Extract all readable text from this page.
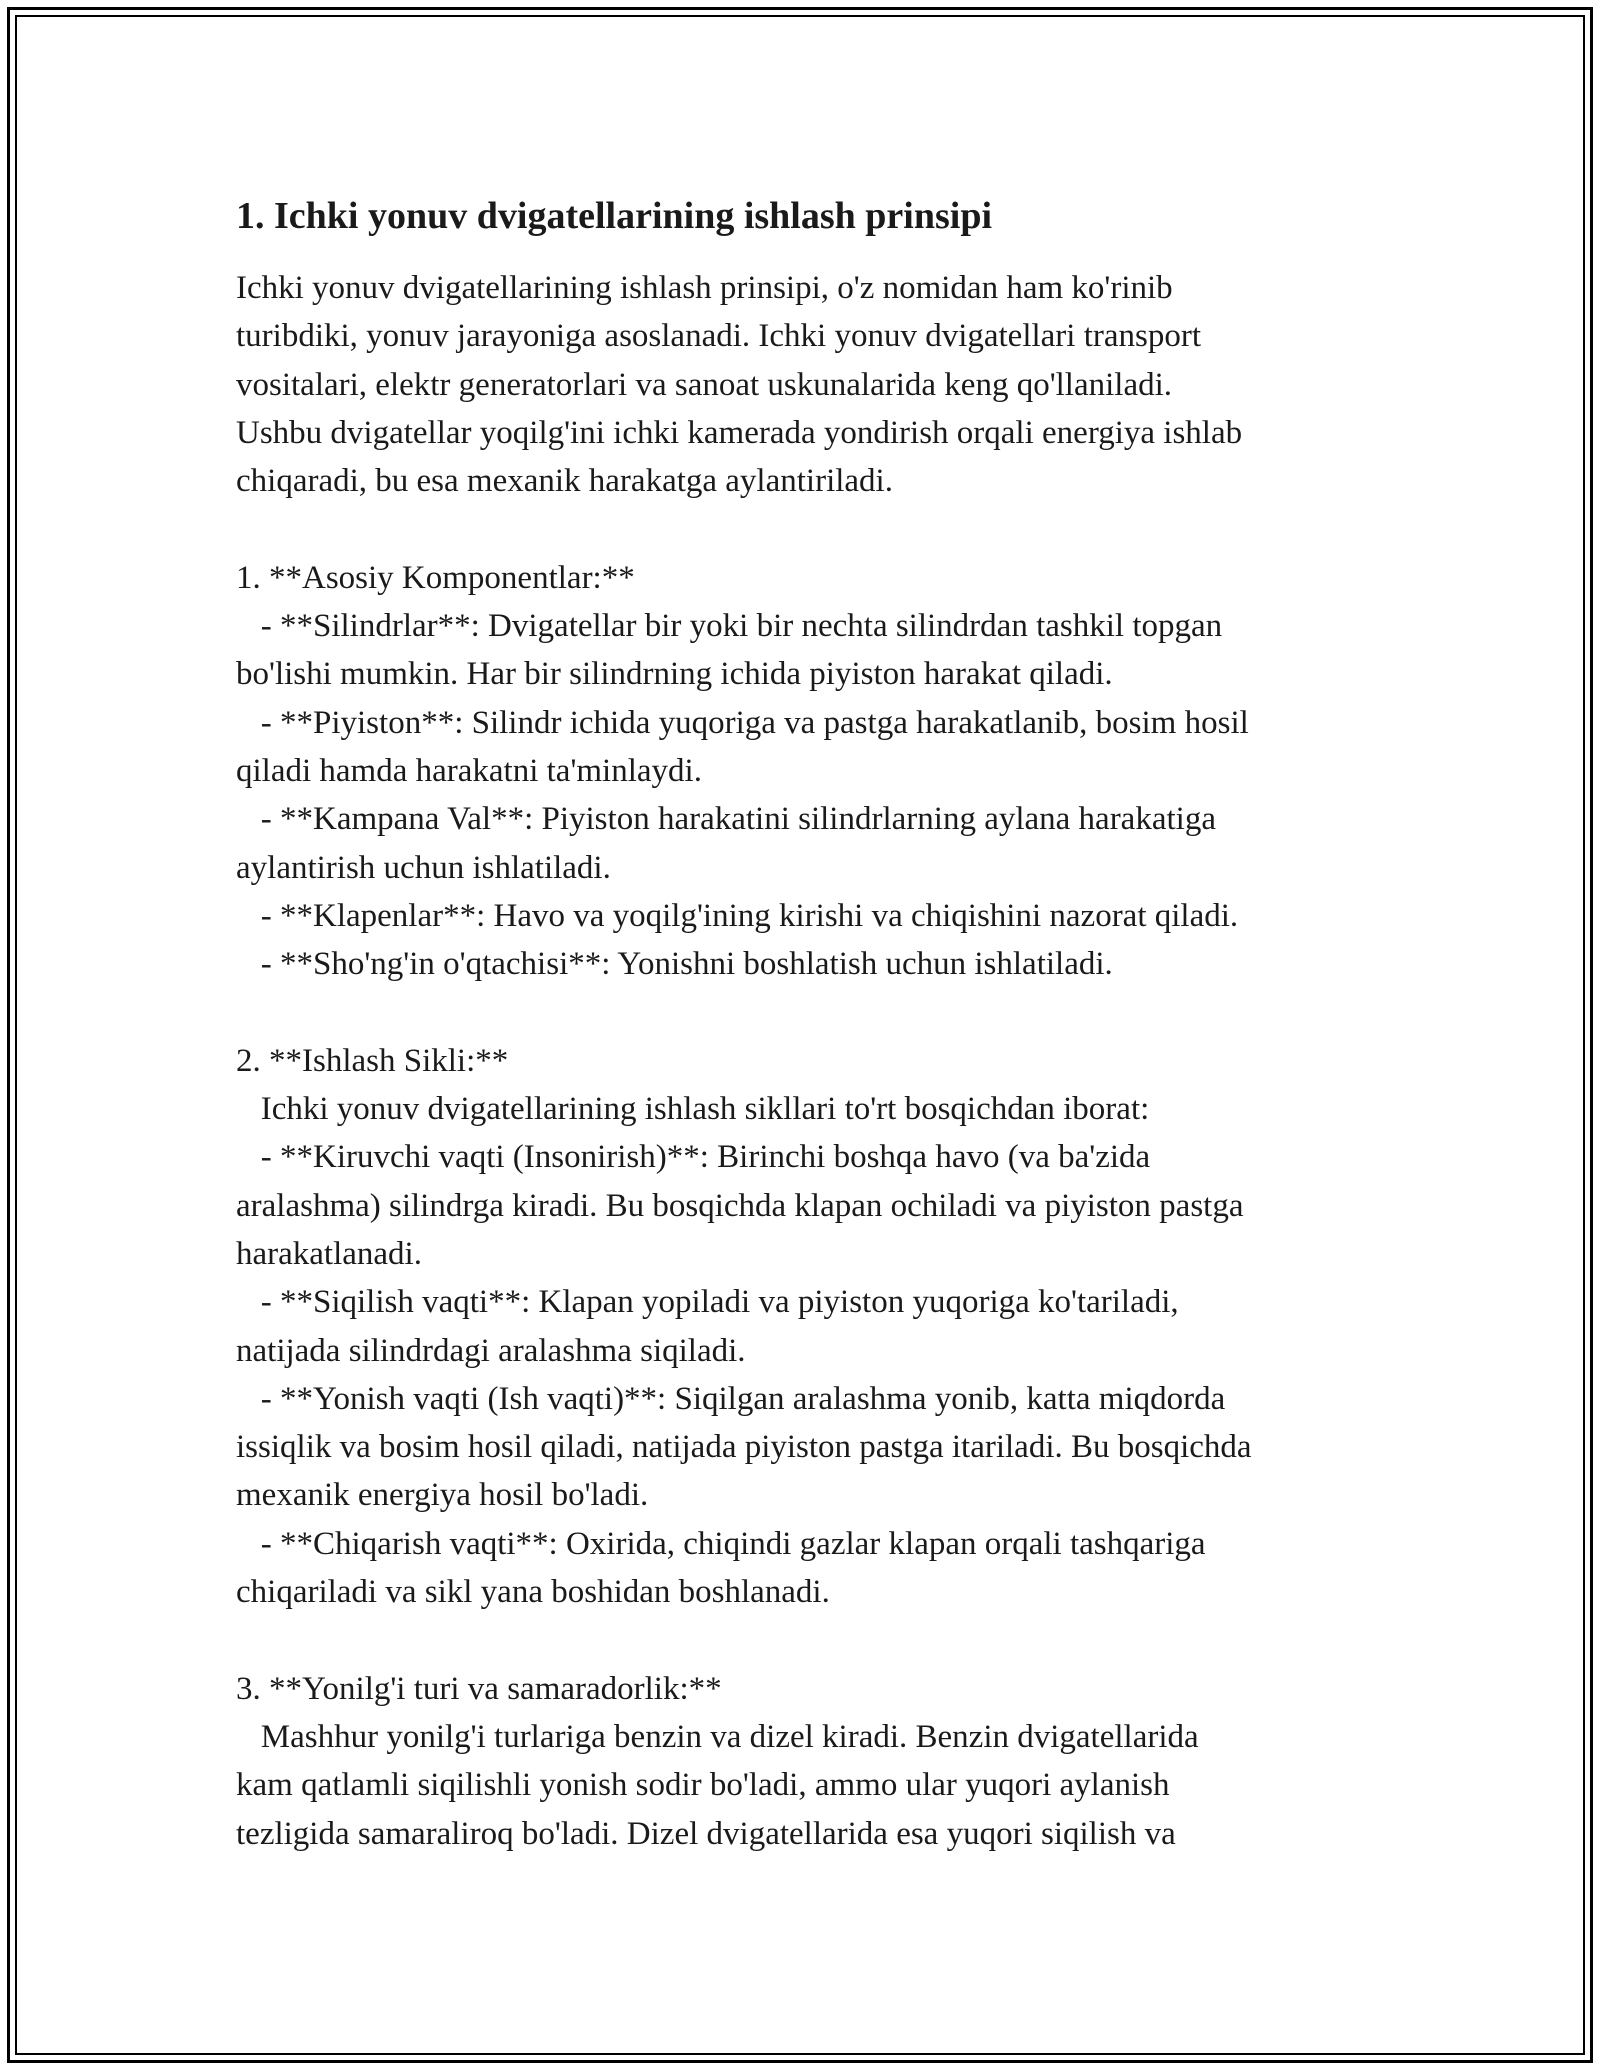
1. Ichki yonuv dvigatellarining ishlash prinsipi
Ichki yonuv dvigatellarining ishlash prinsipi, o'z nomidan ham ko'rinib
turibdiki, yonuv jarayoniga asoslanadi. Ichki yonuv dvigatellari transport
vositalari, elektr generatorlari va sanoat uskunalarida keng qo'llaniladi.
Ushbu dvigatellar yoqilg'ini ichki kamerada yondirish orqali energiya ishlab
chiqaradi, bu esa mexanik harakatga aylantiriladi.
1. **Asosiy Komponentlar:**
- **Silindrlar**: Dvigatellar bir yoki bir nechta silindrdan tashkil topgan
bo'lishi mumkin. Har bir silindrning ichida piyiston harakat qiladi.
- **Piyiston**: Silindr ichida yuqoriga va pastga harakatlanib, bosim hosil
qiladi hamda harakatni ta'minlaydi.
- **Kampana Val**: Piyiston harakatini silindrlarning aylana harakatiga
aylantirish uchun ishlatiladi.
- **Klapenlar**: Havo va yoqilg'ining kirishi va chiqishini nazorat qiladi.
- **Sho'ng'in o'qtachisi**: Yonishni boshlatish uchun ishlatiladi.
2. **Ishlash Sikli:**
Ichki yonuv dvigatellarining ishlash sikllari to'rt bosqichdan iborat:
- **Kiruvchi vaqti (Insonirish)**: Birinchi boshqa havo (va ba'zida
aralashma) silindrga kiradi. Bu bosqichda klapan ochiladi va piyiston pastga
harakatlanadi.
- **Siqilish vaqti**: Klapan yopiladi va piyiston yuqoriga ko'tariladi,
natijada silindrdagi aralashma siqiladi.
- **Yonish vaqti (Ish vaqti)**: Siqilgan aralashma yonib, katta miqdorda
issiqlik va bosim hosil qiladi, natijada piyiston pastga itariladi. Bu bosqichda
mexanik energiya hosil bo'ladi.
- **Chiqarish vaqti**: Oxirida, chiqindi gazlar klapan orqali tashqariga
chiqariladi va sikl yana boshidan boshlanadi.
3. **Yonilg'i turi va samaradorlik:**
Mashhur yonilg'i turlariga benzin va dizel kiradi. Benzin dvigatellarida
kam qatlamli siqilishli yonish sodir bo'ladi, ammo ular yuqori aylanish
tezligida samaraliroq bo'ladi. Dizel dvigatellarida esa yuqori siqilish va
